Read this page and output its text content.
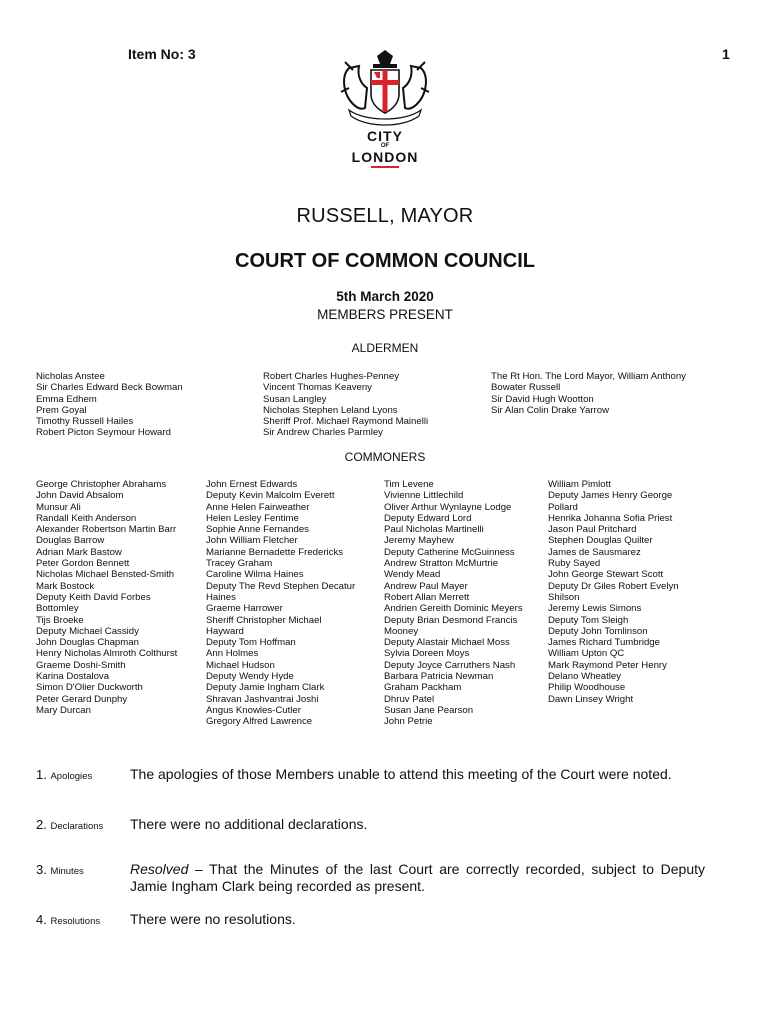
Item No: 3	1
CITY
OF
LONDON
RUSSELL, MAYOR
COURT OF COMMON COUNCIL
5th March 2020
MEMBERS PRESENT
ALDERMEN
Nicholas Anstee
Sir Charles Edward Beck Bowman
Emma Edhem
Prem Goyal
Timothy Russell Hailes
Robert Picton Seymour Howard
Robert Charles Hughes-Penney
Vincent Thomas Keaveny
Susan Langley
Nicholas Stephen Leland Lyons
Sheriff Prof. Michael Raymond Mainelli
Sir Andrew Charles Parmley
The Rt Hon. The Lord Mayor, William Anthony
Bowater Russell
Sir David Hugh Wootton
Sir Alan Colin Drake Yarrow
COMMONERS
George Christopher Abrahams
John David Absalom
Munsur Ali
Randall Keith Anderson
Alexander Robertson Martin Barr
Douglas Barrow
Adrian Mark Bastow
Peter Gordon Bennett
Nicholas Michael Bensted-Smith
Mark Bostock
Deputy Keith David Forbes
Bottomley
Tijs Broeke
Deputy Michael Cassidy
John Douglas Chapman
Henry Nicholas Almroth Colthurst
Graeme Doshi-Smith
Karina Dostalova
Simon D'Olier Duckworth
Peter Gerard Dunphy
Mary Durcan
John Ernest Edwards
Deputy Kevin Malcolm Everett
Anne Helen Fairweather
Helen Lesley Fentime
Sophie Anne Fernandes
John William Fletcher
Marianne Bernadette Fredericks
Tracey Graham
Caroline Wilma Haines
Deputy The Revd Stephen Decatur
Haines
Graeme Harrower
Sheriff Christopher Michael
Hayward
Deputy Tom Hoffman
Ann Holmes
Michael Hudson
Deputy Wendy Hyde
Deputy Jamie Ingham Clark
Shravan Jashvantrai Joshi
Angus Knowles-Cutler
Gregory Alfred Lawrence
Tim Levene
Vivienne Littlechild
Oliver Arthur Wynlayne Lodge
Deputy Edward Lord
Paul Nicholas Martinelli
Jeremy Mayhew
Deputy Catherine McGuinness
Andrew Stratton McMurtrie
Wendy Mead
Andrew Paul Mayer
Robert Allan Merrett
Andrien Gereith Dominic Meyers
Deputy Brian Desmond Francis
Mooney
Deputy Alastair Michael Moss
Sylvia Doreen Moys
Deputy Joyce Carruthers Nash
Barbara Patricia Newman
Graham Packham
Dhruv Patel
Susan Jane Pearson
John Petrie
William Pimlott
Deputy James Henry George
Pollard
Henrika Johanna Sofia Priest
Jason Paul Pritchard
Stephen Douglas Quilter
James de Sausmarez
Ruby Sayed
John George Stewart Scott
Deputy Dr Giles Robert Evelyn
Shilson
Jeremy Lewis Simons
Deputy Tom Sleigh
Deputy John Tomlinson
James Richard Tumbridge
William Upton QC
Mark Raymond Peter Henry
Delano Wheatley
Philip Woodhouse
Dawn Linsey Wright
1. Apologies	The apologies of those Members unable to attend this meeting of the Court were noted.
2. Declarations There were no additional declarations.
3. Minutes	Resolved – That the Minutes of the last Court are correctly recorded, subject to Deputy Jamie Ingham Clark being recorded as present.
4. Resolutions There were no resolutions.
